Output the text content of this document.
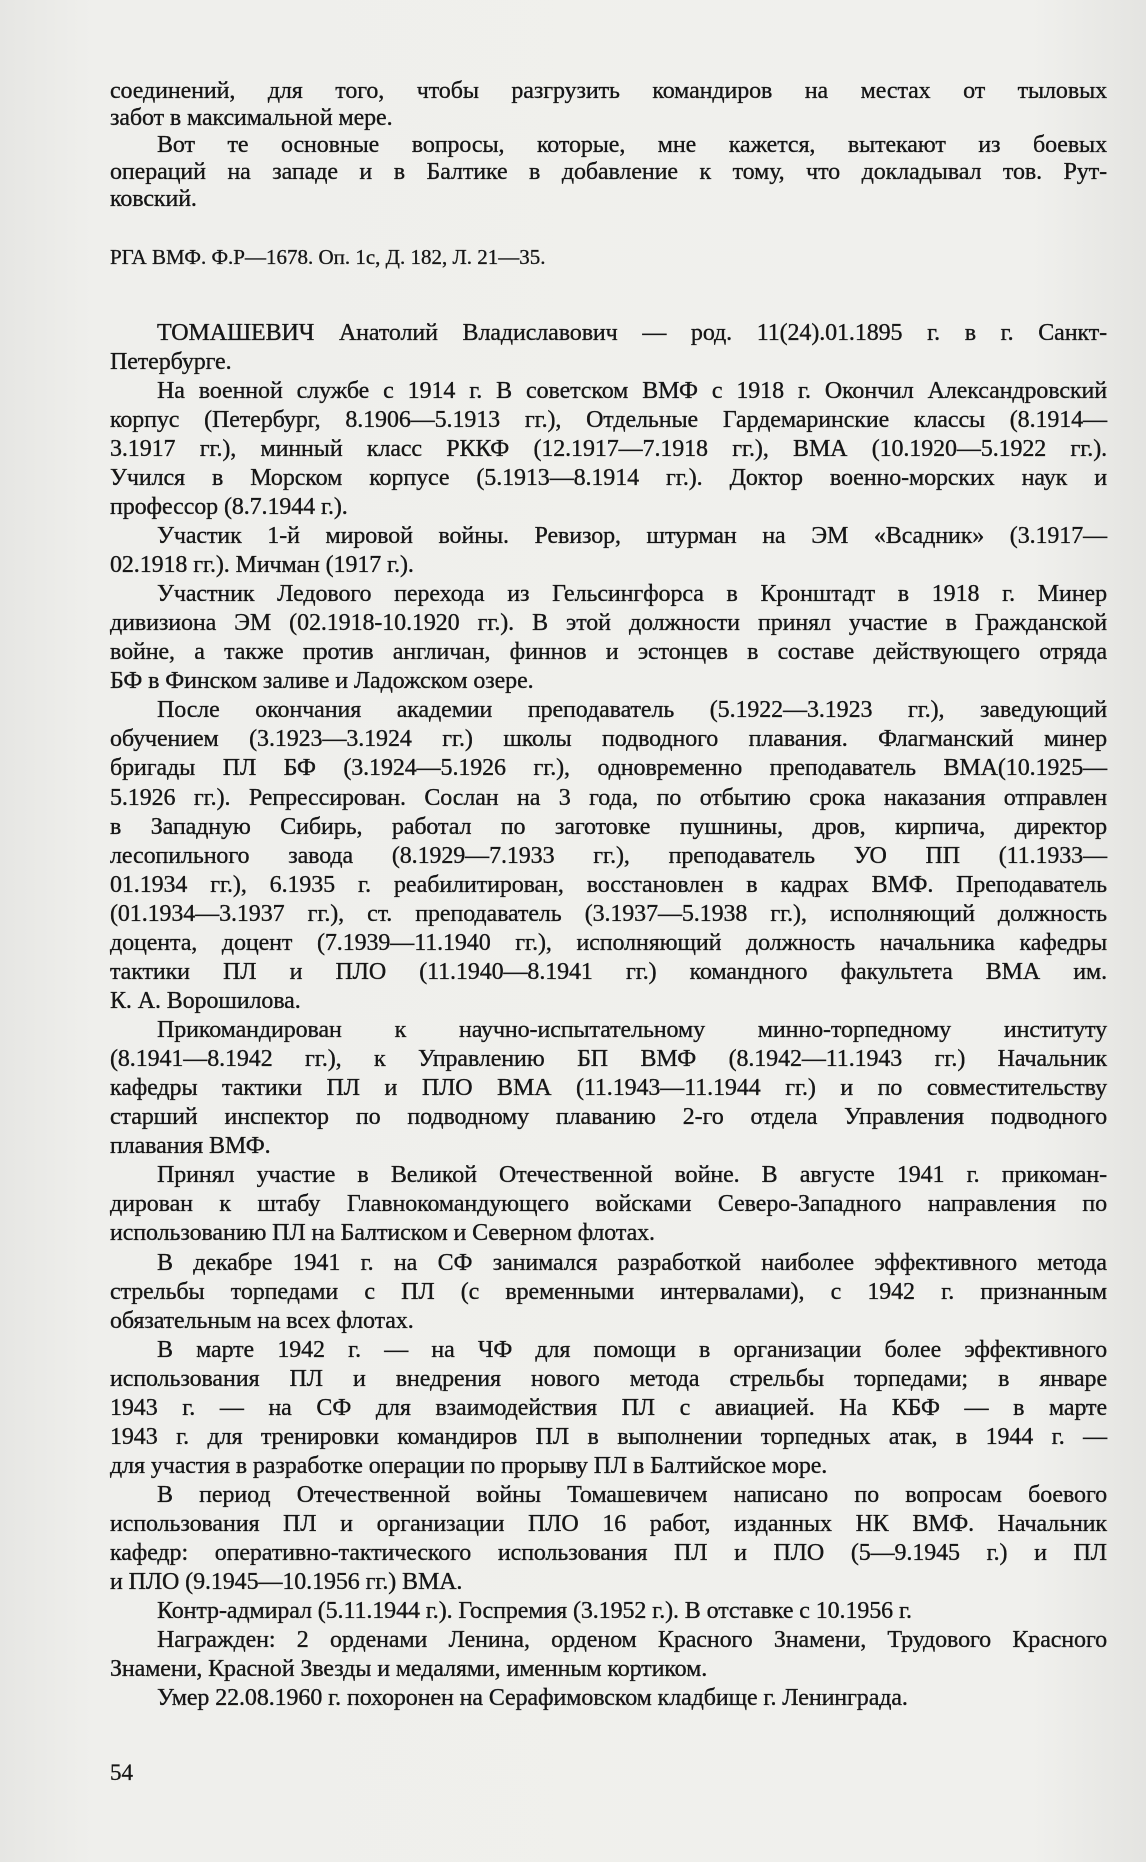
соединений, для того, чтобы разгрузить командиров на местах от тыловых
забот в максимальной мере.
Вот те основные вопросы, которые, мне кажется, вытекают из боевых
операций на западе и в Балтике в добавление к тому, что докладывал тов. Рут-
ковский.
РГА ВМФ. Ф.Р—1678. Оп. 1с, Д. 182, Л. 21—35.
ТОМАШЕВИЧ Анатолий Владиславович — род. 11(24).01.1895 г. в г. Санкт-
Петербурге.
На военной службе с 1914 г. В советском ВМФ с 1918 г. Окончил Александровский
корпус (Петербург, 8.1906—5.1913 гг.), Отдельные Гардемаринские классы (8.1914—
3.1917 гг.), минный класс РККФ (12.1917—7.1918 гг.), ВМА (10.1920—5.1922 гг.).
Учился в Морском корпусе (5.1913—8.1914 гг.). Доктор военно-морских наук и
профессор (8.7.1944 г.).
Участик 1-й мировой войны. Ревизор, штурман на ЭМ «Всадник» (3.1917—
02.1918 гг.). Мичман (1917 г.).
Участник Ледового перехода из Гельсингфорса в Кронштадт в 1918 г. Минер
дивизиона ЭМ (02.1918-10.1920 гг.). В этой должности принял участие в Гражданской
войне, а также против англичан, финнов и эстонцев в составе действующего отряда
БФ в Финском заливе и Ладожском озере.
После окончания академии преподаватель (5.1922—3.1923 гг.), заведующий
обучением (3.1923—3.1924 гг.) школы подводного плавания. Флагманский минер
бригады ПЛ БФ (3.1924—5.1926 гг.), одновременно преподаватель ВМА(10.1925—
5.1926 гг.). Репрессирован. Сослан на 3 года, по отбытию срока наказания отправлен
в Западную Сибирь, работал по заготовке пушнины, дров, кирпича, директор
лесопильного завода (8.1929—7.1933 гг.), преподаватель УО ПП (11.1933—
01.1934 гг.), 6.1935 г. реабилитирован, восстановлен в кадрах ВМФ. Преподаватель
(01.1934—3.1937 гг.), ст. преподаватель (3.1937—5.1938 гг.), исполняющий должность
доцента, доцент (7.1939—11.1940 гг.), исполняющий должность начальника кафедры
тактики ПЛ и ПЛО (11.1940—8.1941 гг.) командного факультета ВМА им.
К. А. Ворошилова.
Прикомандирован к научно-испытательному минно-торпедному институту
(8.1941—8.1942 гг.), к Управлению БП ВМФ (8.1942—11.1943 гг.) Начальник
кафедры тактики ПЛ и ПЛО ВМА (11.1943—11.1944 гг.) и по совместительству
старший инспектор по подводному плаванию 2-го отдела Управления подводного
плавания ВМФ.
Принял участие в Великой Отечественной войне. В августе 1941 г. прикоман-
дирован к штабу Главнокомандующего войсками Северо-Западного направления по
использованию ПЛ на Балтиском и Северном флотах.
В декабре 1941 г. на СФ занимался разработкой наиболее эффективного метода
стрельбы торпедами с ПЛ (с временными интервалами), с 1942 г. признанным
обязательным на всех флотах.
В марте 1942 г. — на ЧФ для помощи в организации более эффективного
использования ПЛ и внедрения нового метода стрельбы торпедами; в январе
1943 г. — на СФ для взаимодействия ПЛ с авиацией. На КБФ — в марте
1943 г. для тренировки командиров ПЛ в выполнении торпедных атак, в 1944 г. —
для участия в разработке операции по прорыву ПЛ в Балтийское море.
В период Отечественной войны Томашевичем написано по вопросам боевого
использования ПЛ и организации ПЛО 16 работ, изданных НК ВМФ. Начальник
кафедр: оперативно-тактического использования ПЛ и ПЛО (5—9.1945 г.) и ПЛ
и ПЛО (9.1945—10.1956 гг.) ВМА.
Контр-адмирал (5.11.1944 г.). Госпремия (3.1952 г.). В отставке с 10.1956 г.
Награжден: 2 орденами Ленина, орденом Красного Знамени, Трудового Красного
Знамени, Красной Звезды и медалями, именным кортиком.
Умер 22.08.1960 г. похоронен на Серафимовском кладбище г. Ленинграда.
54
